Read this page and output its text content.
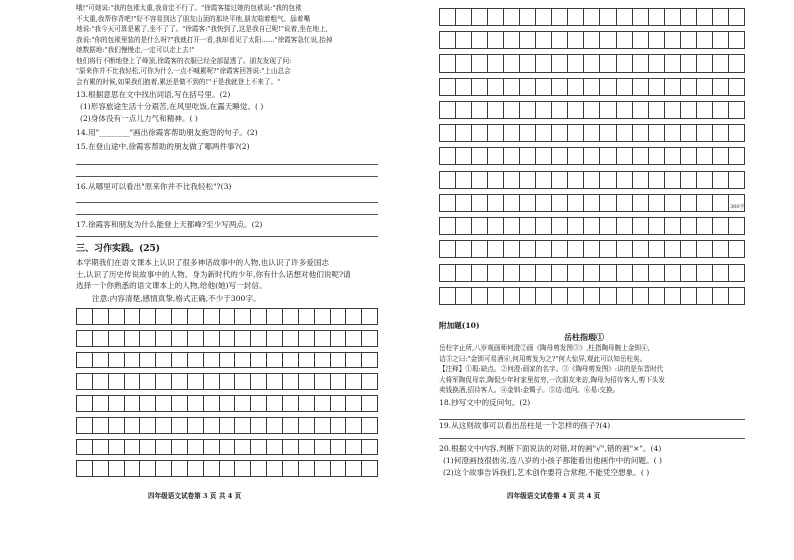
哦!"可她说:"我的包袱太重,我肯定不行了。"徐霞客接过她的包袱说:"我的包袱
不太重,我帮你背吧!"好不容易到达了朋友山顶的那块平地,朋友喘着粗气、舔着嘴
地说:"我今天可算是累了,坐不了了。"徐霞客:"我快到了,这是我自己呢!"说着,坐在地上,
我说:"你的包袱里装的是什么呀?"我就打开一看,我却看见了太阳……"徐霞客急忙说,抬掉
她数据地:"我们慢慢走,一定可以走上去!"
他们将行不断地登上了峰顶,徐霞客的衣服已经全部湿透了。朋友发现了问:
"原来你并不比我轻松,可你为什么一点不喊累呢?"徐霞客回答说:"上山总会
会有累的时候,如果我们抱着,累还是做不到的!"于是我就登上不来了。"
13.根据意思在文中找出词语,写在括号里。(2)
(1)形容旅途生活十分艰苦,在风里吃饭,在露天睡觉。( )
(2)身体没有一点儿力气和精神。( )
14.用"________"画出徐霞客帮助朋友抱怨的句子。(2)
15.在登山途中,徐霞客帮助的朋友做了哪两件事?(2)
16.从哪里可以看出"原来你并不比我轻松"?(3)
17.徐霞客和朋友为什么能登上天都峰?至少写两点。(2)
三、习作实践。(25)
本学期我们在语文课本上认识了很多神话故事中的人物,也认识了许多爱国志
士,认识了历史传说故事中的人物。身为新时代的少年,你有什么话想对他们说呢?请
选择一个你熟悉的语文课本上的人物,给他(她)写一封信。
注意:内容清楚,感情真挚,格式正确,不少于300字。
四年级语文试卷第 3 页 共 4 页
300字
附加题(10)
岳柱指瑕①
岳柱字止所,八岁观画师何澄②画《陶母剪发图③》,柱指陶母腕上金钏④,
诘⑤之曰:"金钏可易酒⑥,何用剪发为之?"何大惊异,观此可以知岳柱矣。
【注释】①瑕:缺点。②何澄:画家的名字。③《陶母剪发图》:讲的是东晋时代
大将军陶侃母亲,陶侃少年时家里贫穷,一次朋友来访,陶母为招待客人,剪下头发
卖钱换酒,招待客人。④金钏:金镯子。⑤诘:追问。⑥易:交换。
18.抄写文中的反问句。(2)
19.从这则故事可以看出岳柱是一个怎样的孩子?(4)
20.根据文中内容,判断下面说法的对错,对的画"√",错的画"×"。(4)
(1)何澄画技很拙劣,连八岁的小孩子都能看出他画作中的问题。( )
(2)这个故事告诉我们,艺术创作要符合常理,不能凭空想象。( )
四年级语文试卷第 4 页 共 4 页
